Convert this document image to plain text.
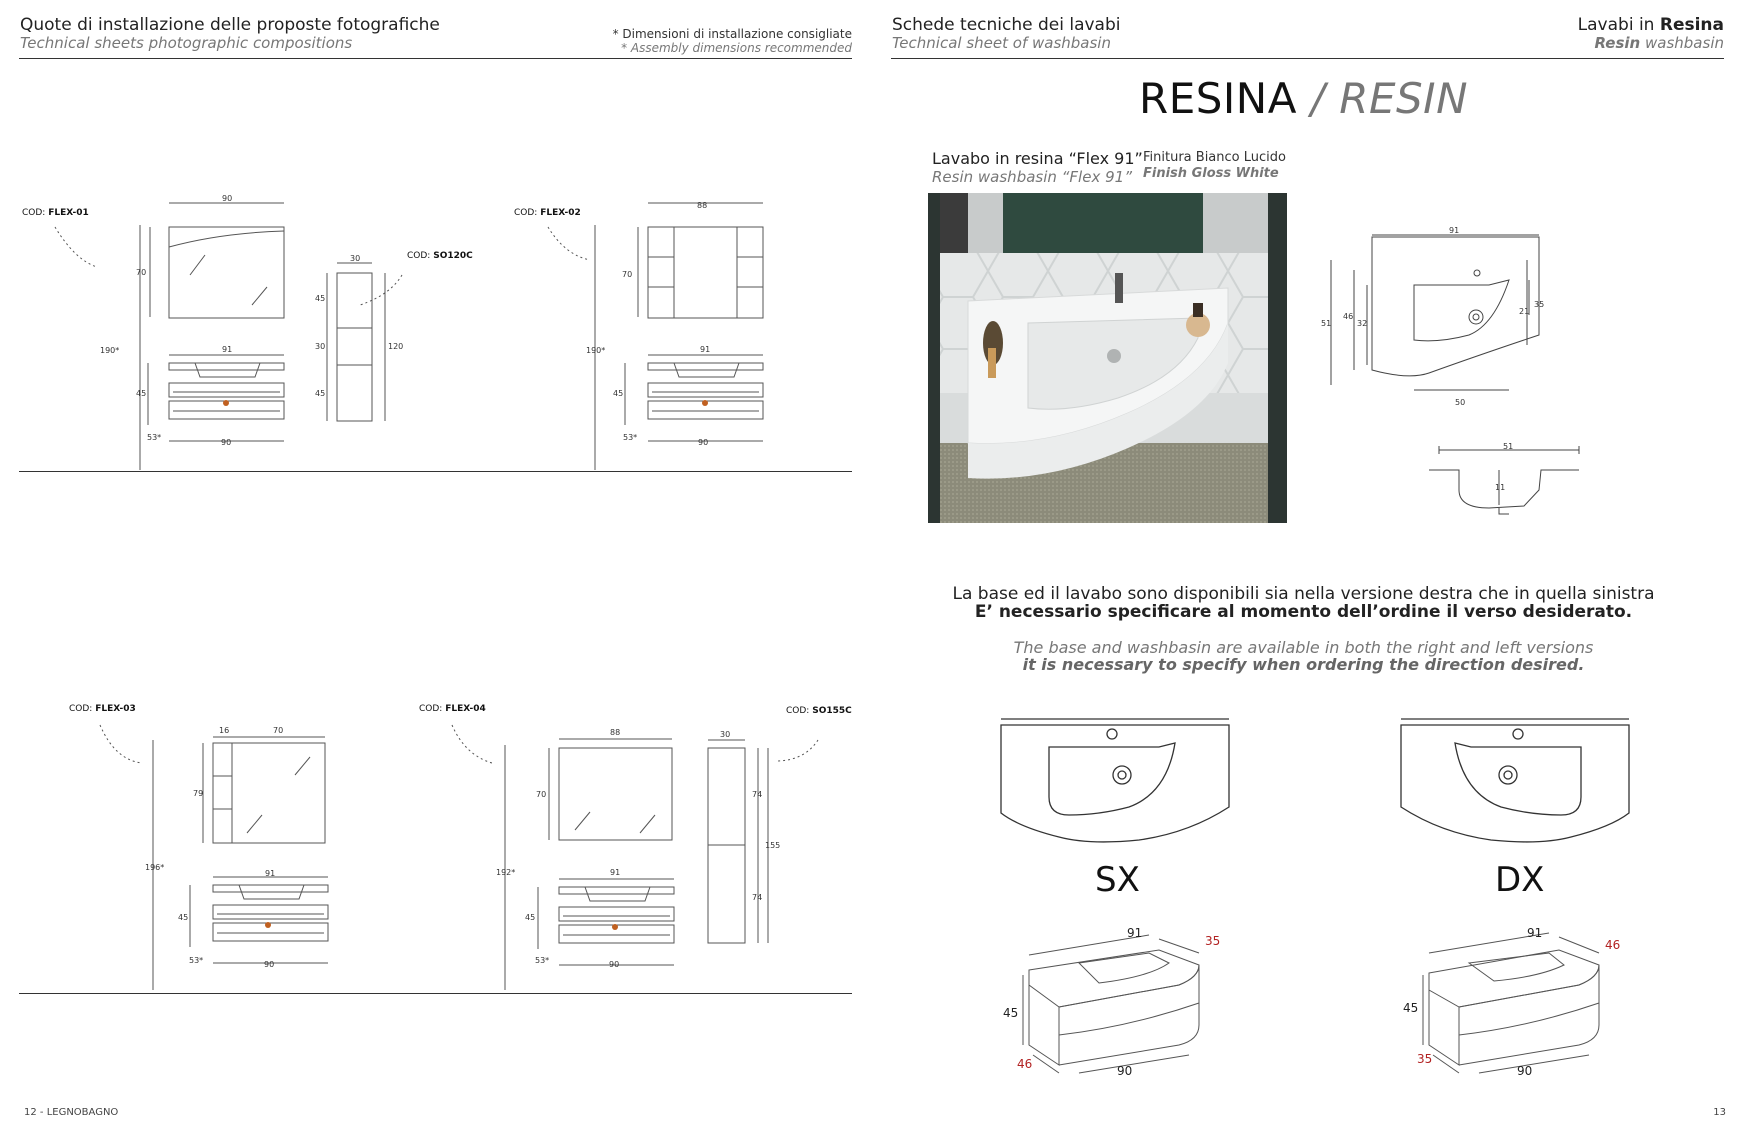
Quote di installazione delle proposte fotografiche
Technical sheets photographic compositions	* Dimensioni di installazione consigliate
* Assembly dimensions recommended
COD: FLEX-01
COD: SO120C
COD: FLEX-02
90
70
190*	91
45
53*
90
30
45
30
45
120
88
70
190*	91
45
53*
90
COD: FLEX-03	COD: FLEX-04	COD: SO155C
16	70
79
196*
91
45
53*	90
88
70
192*	91
45
53*	90
30
74
155
74
12 - LEGNOBAGNO
Schede tecniche dei lavabi
Technical sheet of washbasin
Lavabi in Resina
Resin washbasin
RESINA / RESIN
Lavabo in resina “Flex 91”
Resin washbasin “Flex 91”
Finitura Bianco Lucido
Finish Gloss White
91
51
46
32
21
35
50
51
11
La base ed il lavabo sono disponibili sia nella versione destra che in quella sinistra
E’ necessario specificare al momento dell’ordine il verso desiderato.
The base and washbasin are available in both the right and left versions
it is necessary to specify when ordering the direction desired.
SX	DX
91
35
45
46	90
91
46
45
35
90
13
